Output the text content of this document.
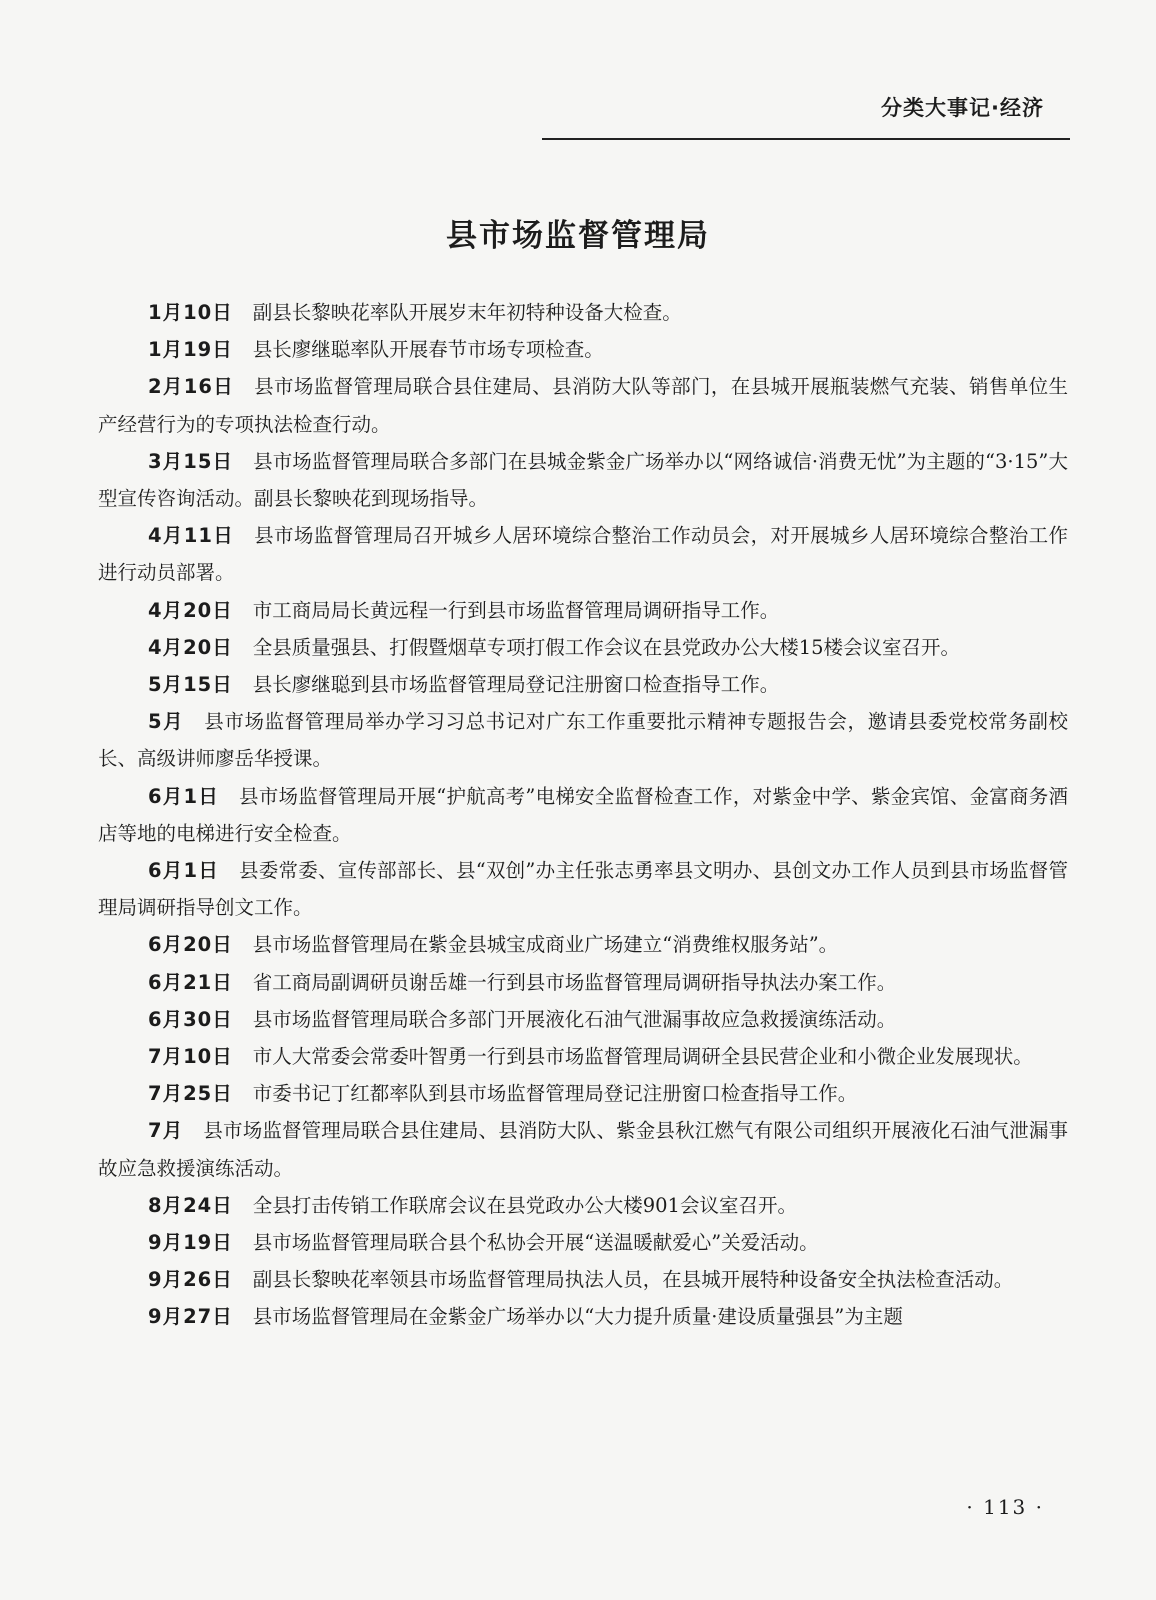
分类大事记·经济
县市场监督管理局

1月10日 副县长黎映花率队开展岁末年初特种设备大检查。

1月19日 县长廖继聪率队开展春节市场专项检查。

2月16日 县市场监督管理局联合县住建局、县消防大队等部门，在县城开展瓶装燃气充装、销售单位生产经营行为的专项执法检查行动。

3月15日 县市场监督管理局联合多部门在县城金紫金广场举办以“网络诚信·消费无忧”为主题的“3·15”大型宣传咨询活动。副县长黎映花到现场指导。

4月11日 县市场监督管理局召开城乡人居环境综合整治工作动员会，对开展城乡人居环境综合整治工作进行动员部署。

4月20日 市工商局局长黄远程一行到县市场监督管理局调研指导工作。

4月20日 全县质量强县、打假暨烟草专项打假工作会议在县党政办公大楼15楼会议室召开。

5月15日 县长廖继聪到县市场监督管理局登记注册窗口检查指导工作。

5月 县市场监督管理局举办学习习总书记对广东工作重要批示精神专题报告会，邀请县委党校常务副校长、高级讲师廖岳华授课。

6月1日 县市场监督管理局开展“护航高考”电梯安全监督检查工作，对紫金中学、紫金宾馆、金富商务酒店等地的电梯进行安全检查。

6月1日 县委常委、宣传部部长、县“双创”办主任张志勇率县文明办、县创文办工作人员到县市场监督管理局调研指导创文工作。

6月20日 县市场监督管理局在紫金县城宝成商业广场建立“消费维权服务站”。

6月21日 省工商局副调研员谢岳雄一行到县市场监督管理局调研指导执法办案工作。

6月30日 县市场监督管理局联合多部门开展液化石油气泄漏事故应急救援演练活动。

7月10日 市人大常委会常委叶智勇一行到县市场监督管理局调研全县民营企业和小微企业发展现状。

7月25日 市委书记丁红都率队到县市场监督管理局登记注册窗口检查指导工作。

7月 县市场监督管理局联合县住建局、县消防大队、紫金县秋江燃气有限公司组织开展液化石油气泄漏事故应急救援演练活动。

8月24日 全县打击传销工作联席会议在县党政办公大楼901会议室召开。

9月19日 县市场监督管理局联合县个私协会开展“送温暖献爱心”关爱活动。

9月26日 副县长黎映花率领县市场监督管理局执法人员，在县城开展特种设备安全执法检查活动。

9月27日 县市场监督管理局在金紫金广场举办以“大力提升质量·建设质量强县”为主题

· 113 ·
